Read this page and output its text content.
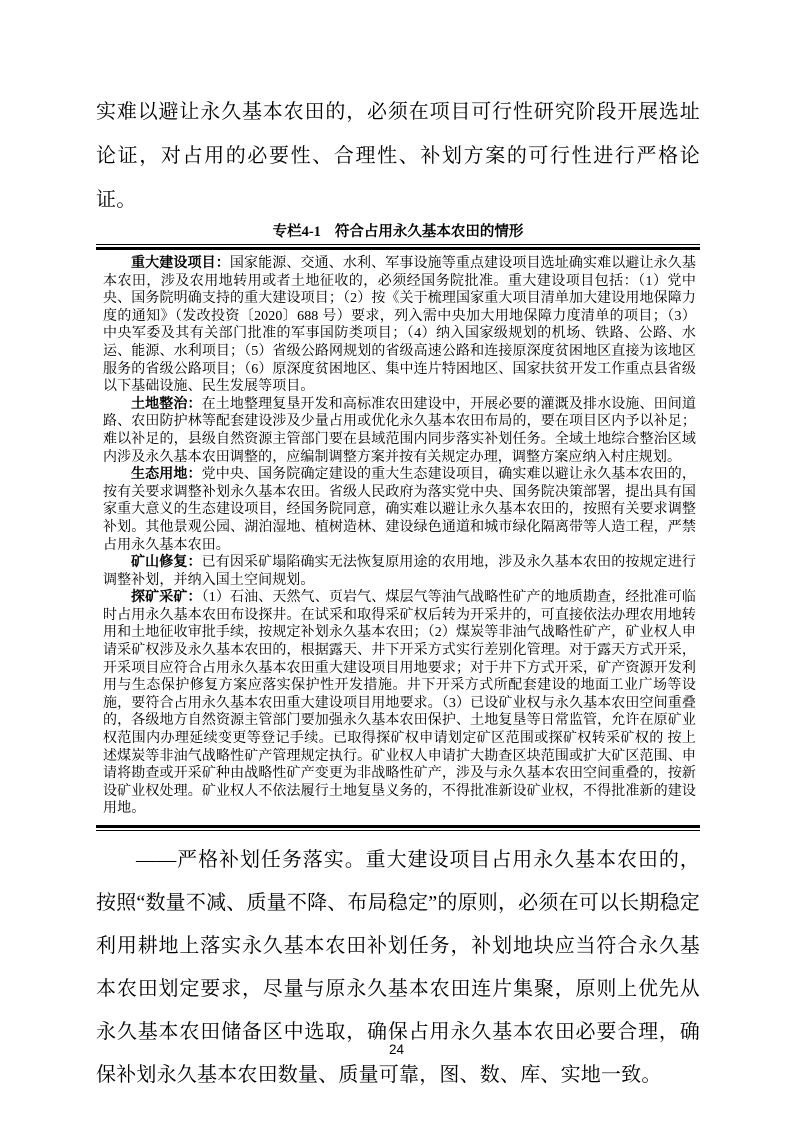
实难以避让永久基本农田的，必须在项目可行性研究阶段开展选址论证，对占用的必要性、合理性、补划方案的可行性进行严格论证。

专栏4-1 符合占用永久基本农田的情形

重大建设项目：国家能源、交通、水利、军事设施等重点建设项目选址确实难以避让永久基本农田，涉及农用地转用或者土地征收的，必须经国务院批准。重大建设项目包括：（1）党中央、国务院明确支持的重大建设项目；（2）按《关于梳理国家重大项目清单加大建设用地保障力度的通知》（发改投资〔2020〕688 号）要求，列入需中央加大用地保障力度清单的项目；（3）中央军委及其有关部门批准的军事国防类项目；（4）纳入国家级规划的机场、铁路、公路、水运、能源、水利项目；（5）省级公路网规划的省级高速公路和连接原深度贫困地区直接为该地区服务的省级公路项目；（6）原深度贫困地区、集中连片特困地区、国家扶贫开发工作重点县省级以下基础设施、民生发展等项目。

土地整治：在土地整理复垦开发和高标准农田建设中，开展必要的灌溉及排水设施、田间道路、农田防护林等配套建设涉及少量占用或优化永久基本农田布局的，要在项目区内予以补足；难以补足的，县级自然资源主管部门要在县域范围内同步落实补划任务。全域土地综合整治区域内涉及永久基本农田调整的，应编制调整方案并按有关规定办理，调整方案应纳入村庄规划。

生态用地：党中央、国务院确定建设的重大生态建设项目，确实难以避让永久基本农田的，按有关要求调整补划永久基本农田。省级人民政府为落实党中央、国务院决策部署，提出具有国家重大意义的生态建设项目，经国务院同意，确实难以避让永久基本农田的，按照有关要求调整补划。其他景观公园、湖泊湿地、植树造林、建设绿色通道和城市绿化隔离带等人造工程，严禁占用永久基本农田。

矿山修复：已有因采矿塌陷确实无法恢复原用途的农用地，涉及永久基本农田的按规定进行调整补划，并纳入国土空间规划。

探矿采矿：（1）石油、天然气、页岩气、煤层气等油气战略性矿产的地质勘查，经批准可临时占用永久基本农田布设探井。在试采和取得采矿权后转为开采井的，可直接依法办理农用地转用和土地征收审批手续，按规定补划永久基本农田；（2）煤炭等非油气战略性矿产，矿业权人申请采矿权涉及永久基本农田的，根据露天、井下开采方式实行差别化管理。对于露天方式开采，开采项目应符合占用永久基本农田重大建设项目用地要求；对于井下方式开采，矿产资源开发利用与生态保护修复方案应落实保护性开发措施。井下开采方式所配套建设的地面工业广场等设施，要符合占用永久基本农田重大建设项目用地要求。（3）已设矿业权与永久基本农田空间重叠的，各级地方自然资源主管部门要加强永久基本农田保护、土地复垦等日常监管，允许在原矿业权范围内办理延续变更等登记手续。已取得探矿权申请划定矿区范围或探矿权转采矿权的 按上述煤炭等非油气战略性矿产管理规定执行。矿业权人申请扩大勘查区块范围或扩大矿区范围、申请将勘查或开采矿种由战略性矿产变更为非战略性矿产，涉及与永久基本农田空间重叠的，按新设矿业权处理。矿业权人不依法履行土地复垦义务的，不得批准新设矿业权，不得批准新的建设用地。

——严格补划任务落实。重大建设项目占用永久基本农田的，按照“数量不减、质量不降、布局稳定”的原则，必须在可以长期稳定利用耕地上落实永久基本农田补划任务，补划地块应当符合永久基本农田划定要求，尽量与原永久基本农田连片集聚，原则上优先从永久基本农田储备区中选取，确保占用永久基本农田必要合理，确保补划永久基本农田数量、质量可靠，图、数、库、实地一致。

24
